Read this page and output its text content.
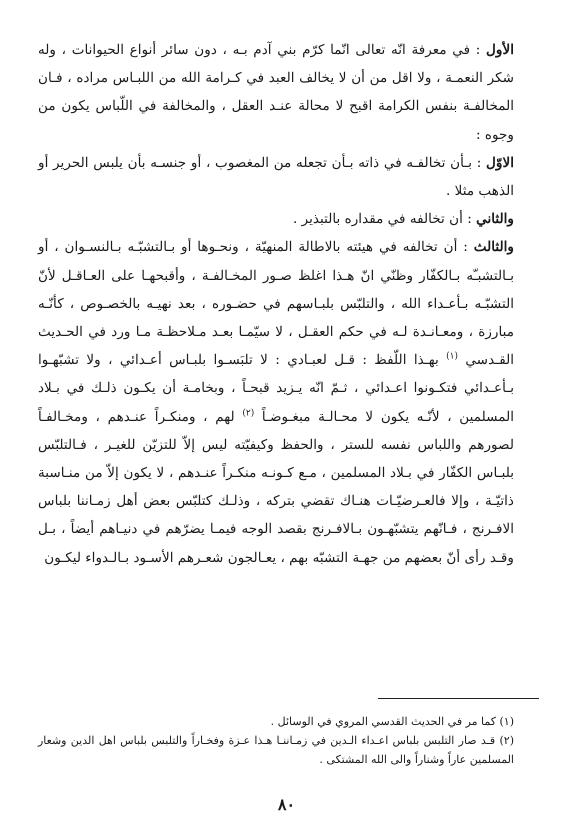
الأول : في معرفة انّه تعالى انّما كرّم بني آدم بـه ، دون سائر أنواع الحيوانات ، وله شكر النعمـة ، ولا اقل من أن لا يخالف العبد في كـرامة الله من اللبـاس مراده ، فـان المخالفـة بنفس الكرامة اقبح لا محالة عنـد العقل ، والمخالفة في اللّباس يكون من وجوه :

الاوّل : بـأن تخالفـه في ذاته بـأن تجعله من المغصوب ، أو جنسـه بأن يلبس الحرير أو الذهب مثلا .

والثاني : أن تخالفه في مقداره بالتبذير .

والثالث : أن تخالفه في هيئته بالاطالة المنهيّة ، ونحـوها أو بـالتشبّـه بـالنسـوان ، أو بـالتشبـّه بـالكفّار وظنّي انّ هـذا اغلظ صـور المخـالفـة ، وأقبحهـا على العـاقـل لأنّ التشبّـه بـأعـداء الله ، والتلبّس بلبـاسهم في حضـوره ، بعد نهيـه بالخصـوص ، كأنّـه مبارزة ، ومعـانـدة لـه في حكم العقـل ، لا سيّمـا بعـد مـلاحظـة مـا ورد في الحـديث القـدسي $^{(١)}$ بهـذا اللّفظ : قـل لعبـادي : لا تلبَسـوا بلبـاس أعـدائي ، ولا تشبّهـوا بـأعـدائي فتكـونوا اعـدائي ، ثـمّ انّه يـزيد قبحـاً ، وبخامـة أن يكـون ذلـك في بـلاد المسلمين ، لأنّـه يكون لا محـالـة مبغـوضـاً $^{(٢)}$ لهم ، ومنكـراً عنـدهم ، ومخـالفـاً لصورهم واللباس نفسه للستر ، والحفظ وكيفيّته ليس إلاّ للتزيّن للغيـر ، فـالتلبّس بلبـاس الكفّار في بـلاد المسلمين ، مـع كـونـه منكـراً عنـدهم ، لا يكون إلاّ من منـاسبة ذاتيّـة ، وإلا فالعـرضيّـات هنـاك تقضي بتركه ، وذلـك كتلبّس بعض أهل زمـاننا بلباس الافـرنج ، فـانّهم يتشبّهـون بـالافـرنج بقصد الوجه فيمـا يضرّهم في دنيـاهم أيضاً ، بـل وقـد رأى أنّ بعضهم من جهـة التشبّه بهم ، يعـالجون شعـرهم الأسـود بـالـدواء ليكـون

(١) كما مر في الحديث القدسي المروي في الوسائل .

(٢) قـد صار التلبس بلباس اعـداء الـدين في زمـاننـا هـذا عـزة وفخـاراً والتلبس بلباس اهل الدين وشعار المسلمين عاراً وشناراً والى الله المشتكى .

٨٠
